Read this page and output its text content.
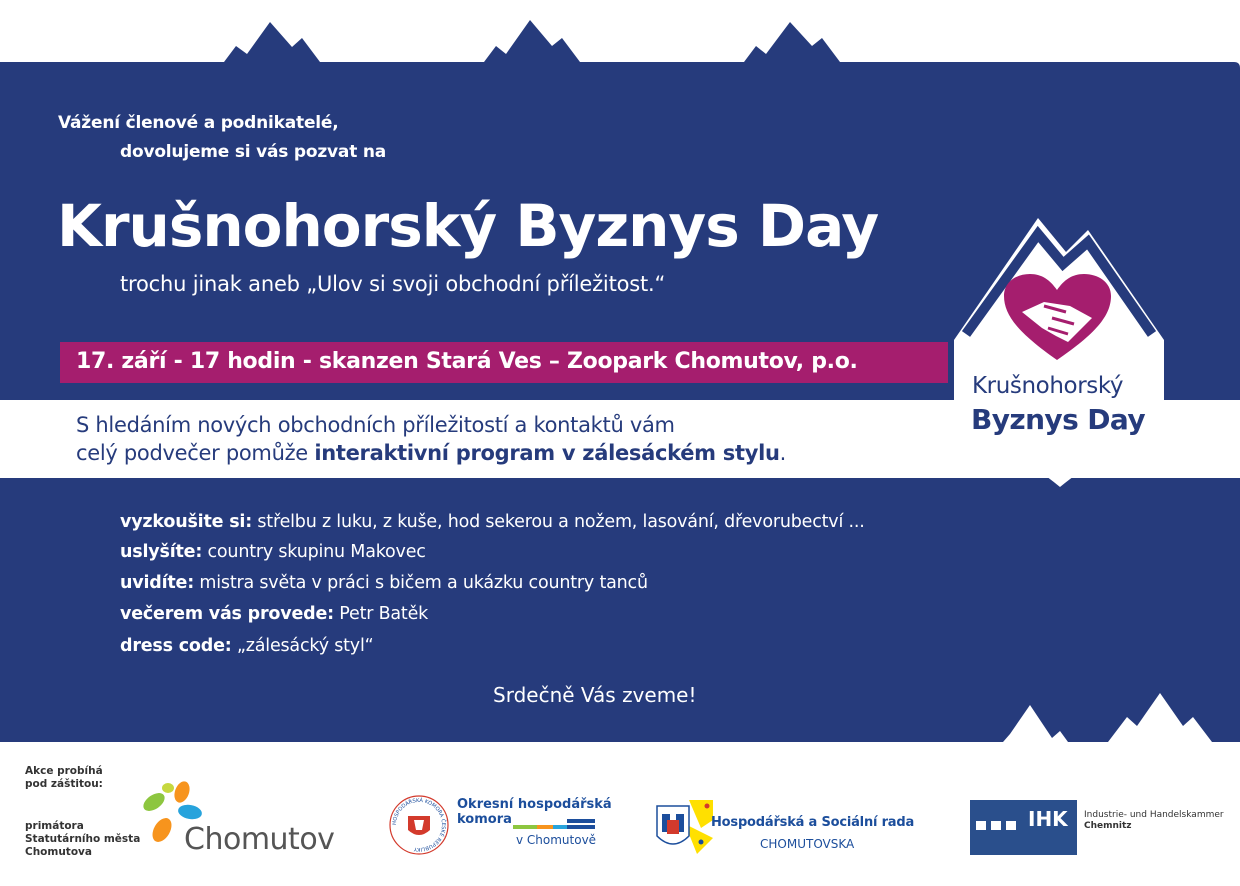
Krušnohorský
Byznys Day
Vážení členové a podnikatelé,
dovolujeme si vás pozvat na
Krušnohorský Byznys Day
trochu jinak aneb „Ulov si svoji obchodní příležitost.“
17. září - 17 hodin - skanzen Stará Ves – Zoopark Chomutov, p.o.
S hledáním nových obchodních příležitostí a kontaktů vám
celý podvečer pomůže interaktivní program v zálesáckém stylu.
vyzkoušite si: střelbu z luku, z kuše, hod sekerou a nožem, lasování, dřevorubectví ...
uslyšíte: country skupinu Makovec
uvidíte: mistra světa v práci s bičem a ukázku country tanců
večerem vás provede: Petr Batěk
dress code: „zálesácký styl“
Srdečně Vás zveme!
Akce probíhá pod záštitou:
primátora Statutárního města Chomutova	Chomutov	HOSPODÁŘSKÁ KOMORA ČESKÉ REPUBLIKY
Okresní hospodářská
komora
v Chomutově
Hospodářská a Sociální rada
CHOMUTOVSKA
IHK Industrie- und Handelskammer
Chemnitz
